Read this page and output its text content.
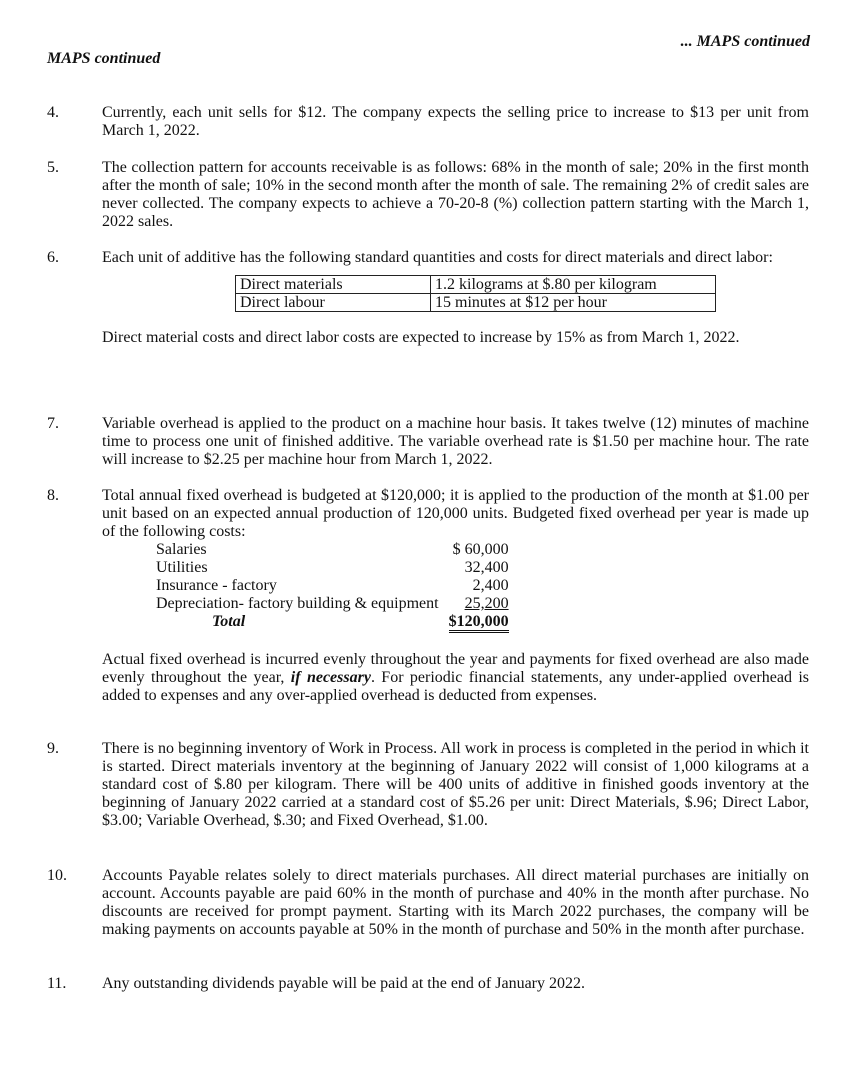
... MAPS continued
MAPS continued
4.	Currently, each unit sells for $12. The company expects the selling price to increase to $13 per unit from March 1, 2022.

5.	The collection pattern for accounts receivable is as follows: 68% in the month of sale; 20% in the first month after the month of sale; 10% in the second month after the month of sale. The remaining 2% of credit sales are never collected. The company expects to achieve a 70-20-8 (%) collection pattern starting with the March 1, 2022 sales.

6.	Each unit of additive has the following standard quantities and costs for direct materials and direct labor:

Direct materials	1.2 kilograms at $.80 per kilogram
Direct labour	15 minutes at $12 per hour

Direct material costs and direct labor costs are expected to increase by 15% as from March 1, 2022.

7.	Variable overhead is applied to the product on a machine hour basis. It takes twelve (12) minutes of machine time to process one unit of finished additive. The variable overhead rate is $1.50 per machine hour. The rate will increase to $2.25 per machine hour from March 1, 2022.

8.	Total annual fixed overhead is budgeted at $120,000; it is applied to the production of the month at $1.00 per unit based on an expected annual production of 120,000 units. Budgeted fixed overhead per year is made up of the following costs:

Salaries	$ 60,000
Utilities	32,400
Insurance - factory	2,400
Depreciation- factory building & equipment	25,200
Total	$120,000

Actual fixed overhead is incurred evenly throughout the year and payments for fixed overhead are also made evenly throughout the year, if necessary. For periodic financial statements, any under-applied overhead is added to expenses and any over-applied overhead is deducted from expenses.

9.	There is no beginning inventory of Work in Process. All work in process is completed in the period in which it is started. Direct materials inventory at the beginning of January 2022 will consist of 1,000 kilograms at a standard cost of $.80 per kilogram. There will be 400 units of additive in finished goods inventory at the beginning of January 2022 carried at a standard cost of $5.26 per unit: Direct Materials, $.96; Direct Labor, $3.00; Variable Overhead, $.30; and Fixed Overhead, $1.00.

10.	Accounts Payable relates solely to direct materials purchases. All direct material purchases are initially on account. Accounts payable are paid 60% in the month of purchase and 40% in the month after purchase. No discounts are received for prompt payment. Starting with its March 2022 purchases, the company will be making payments on accounts payable at 50% in the month of purchase and 50% in the month after purchase.

11.	Any outstanding dividends payable will be paid at the end of January 2022.
